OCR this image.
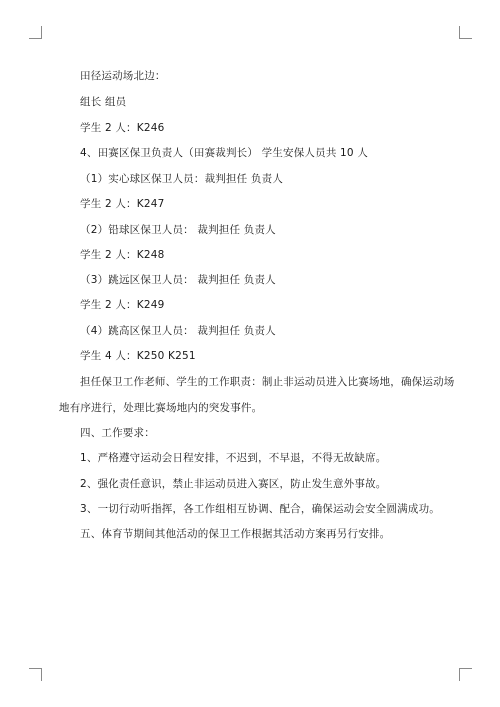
田径运动场北边：
组长 组员
学生 2 人：K246
4、田赛区保卫负责人（田赛裁判长） 学生安保人员共 10 人
（1）实心球区保卫人员：裁判担任 负责人
学生 2 人：K247
（2）铅球区保卫人员： 裁判担任 负责人
学生 2 人：K248
（3）跳远区保卫人员： 裁判担任 负责人
学生 2 人：K249
（4）跳高区保卫人员： 裁判担任 负责人
学生 4 人：K250 K251
担任保卫工作老师、学生的工作职责：制止非运动员进入比赛场地，确保运动场
地有序进行，处理比赛场地内的突发事件。
四、工作要求：
1、严格遵守运动会日程安排，不迟到，不早退，不得无故缺席。
2、强化责任意识，禁止非运动员进入赛区，防止发生意外事故。
3、一切行动听指挥，各工作组相互协调、配合，确保运动会安全圆满成功。
五、体育节期间其他活动的保卫工作根据其活动方案再另行安排。
